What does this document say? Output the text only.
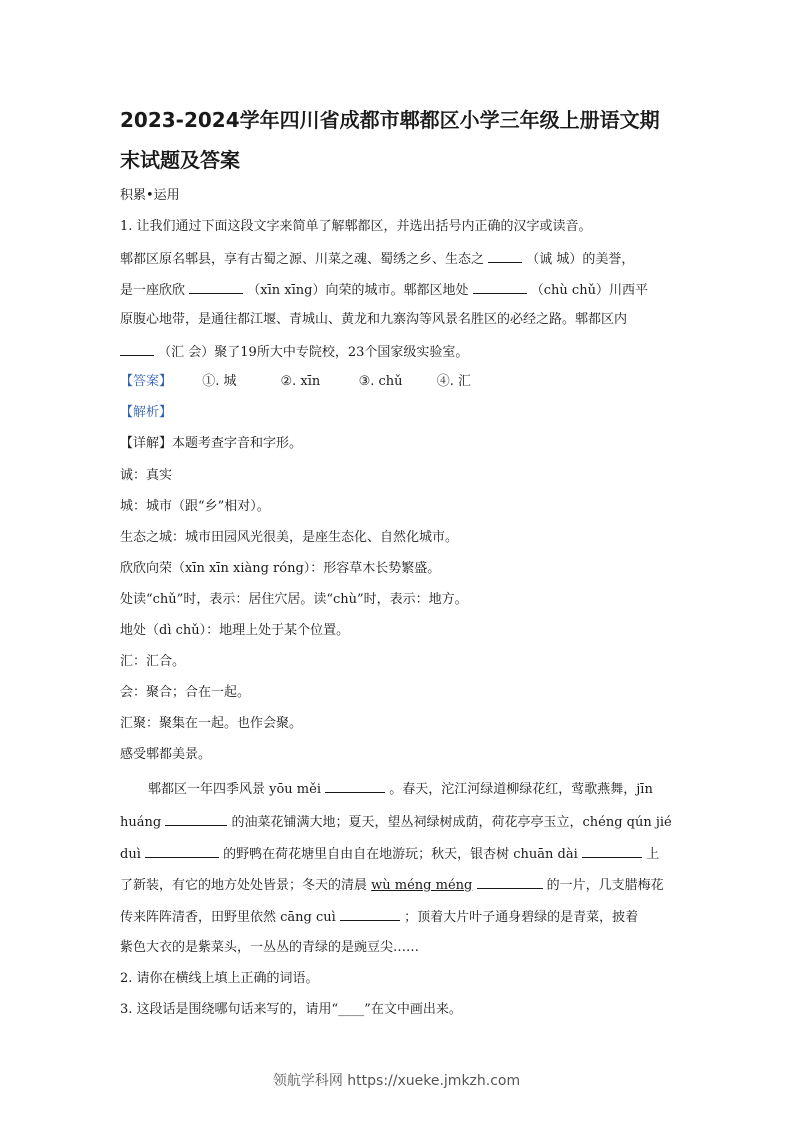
2023-2024学年四川省成都市郫都区小学三年级上册语文期
末试题及答案
积累•运用
1. 让我们通过下面这段文字来简单了解郫都区，并选出括号内正确的汉字或读音。
郫都区原名郫县，享有古蜀之源、川菜之魂、蜀绣之乡、生态之	（诚 城）的美誉，
是一座欣欣	（xīn xīng）向荣的城市。郫都区地处	（chù chǔ）川西平
原腹心地带，是通往都江堰、青城山、黄龙和九寨沟等风景名胜区的必经之路。郫都区内
（汇 会）聚了19所大中专院校，23个国家级实验室。
【答案】 ①. 城	②. xīn	③. chǔ	④. 汇
【解析】
【详解】本题考查字音和字形。
诚：真实
城：城市（跟“乡”相对）。
生态之城：城市田园风光很美，是座生态化、自然化城市。
欣欣向荣（xīn xīn xiàng róng）：形容草木长势繁盛。
处读“chǔ”时，表示：居住穴居。读“chù”时，表示：地方。
地处（dì chǔ）：地理上处于某个位置。
汇：汇合。
会：聚合；合在一起。
汇聚：聚集在一起。也作会聚。
感受郫都美景。
郫都区一年四季风景 yōu měi	。春天，沱江河绿道柳绿花红，莺歌燕舞，jīn
huáng	的油菜花铺满大地；夏天，望丛祠绿树成荫，荷花亭亭玉立，chéng qún jié
duì	的野鸭在荷花塘里自由自在地游玩；秋天，银杏树 chuān dài	上
了新装，有它的地方处处皆景；冬天的清晨 wù méng méng	的一片，几支腊梅花
传来阵阵清香，田野里依然 cāng cuì	；顶着大片叶子通身碧绿的是青菜，披着
紫色大衣的是紫菜头，一丛丛的青绿的是豌豆尖……
2. 请你在横线上填上正确的词语。
3. 这段话是围绕哪句话来写的，请用“____”在文中画出来。
领航学科网 https://xueke.jmkzh.com
